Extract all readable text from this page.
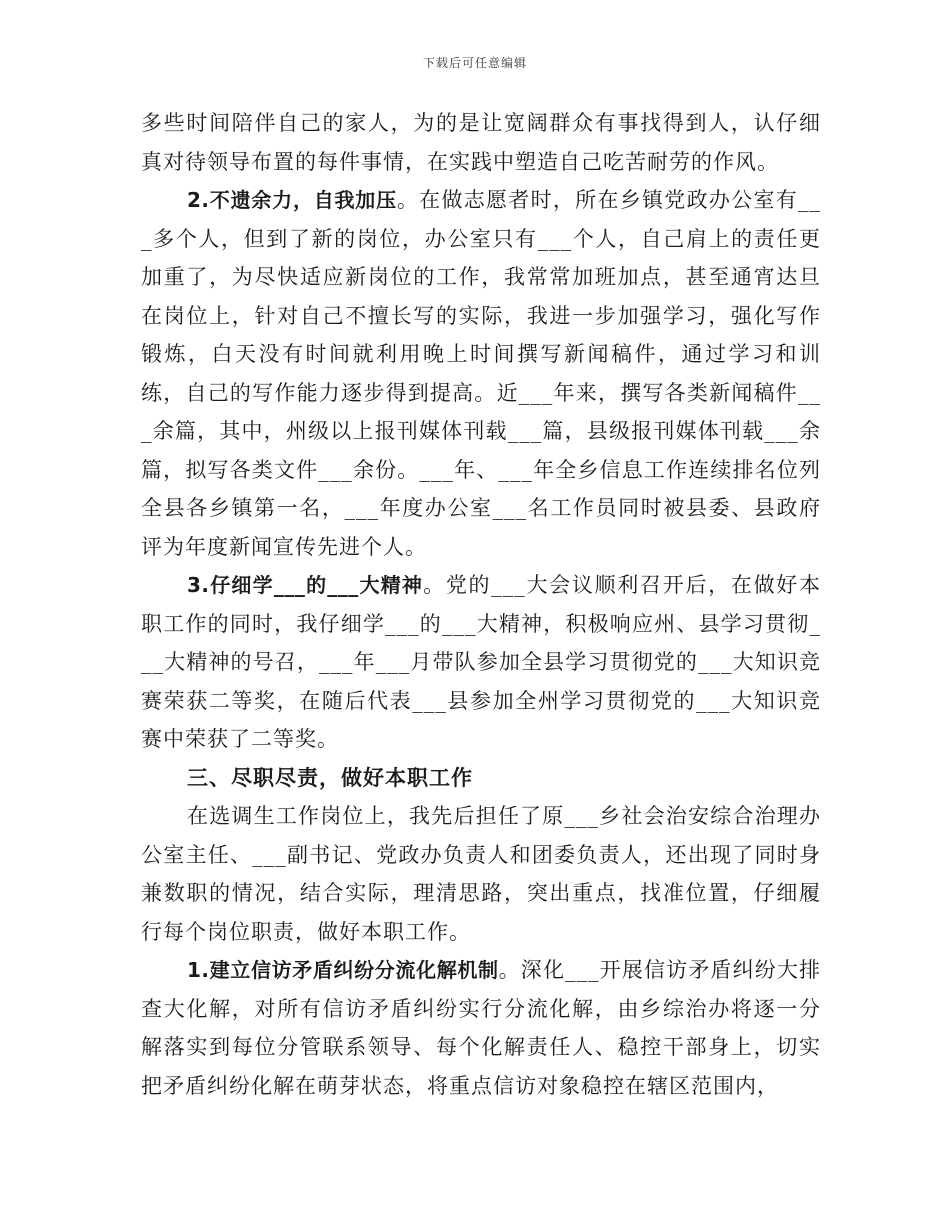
下载后可任意编辑

多些时间陪伴自己的家人，为的是让宽阔群众有事找得到人，认仔细真对待领导布置的每件事情，在实践中塑造自己吃苦耐劳的作风。

2.不遗余力，自我加压。在做志愿者时，所在乡镇党政办公室有___多个人，但到了新的岗位，办公室只有___个人，自己肩上的责任更加重了，为尽快适应新岗位的工作，我常常加班加点，甚至通宵达旦在岗位上，针对自己不擅长写的实际，我进一步加强学习，强化写作锻炼，白天没有时间就利用晚上时间撰写新闻稿件，通过学习和训练，自己的写作能力逐步得到提高。近___年来，撰写各类新闻稿件___余篇，其中，州级以上报刊媒体刊载___篇，县级报刊媒体刊载___余篇，拟写各类文件___余份。___年、___年全乡信息工作连续排名位列全县各乡镇第一名，___年度办公室___名工作员同时被县委、县政府评为年度新闻宣传先进个人。

3.仔细学___的___大精神。党的___大会议顺利召开后，在做好本职工作的同时，我仔细学___的___大精神，积极响应州、县学习贯彻___大精神的号召，___年___月带队参加全县学习贯彻党的___大知识竞赛荣获二等奖，在随后代表___县参加全州学习贯彻党的___大知识竞赛中荣获了二等奖。

三、尽职尽责，做好本职工作

在选调生工作岗位上，我先后担任了原___乡社会治安综合治理办公室主任、___副书记、党政办负责人和团委负责人，还出现了同时身兼数职的情况，结合实际，理清思路，突出重点，找准位置，仔细履行每个岗位职责，做好本职工作。

1.建立信访矛盾纠纷分流化解机制。深化___开展信访矛盾纠纷大排查大化解，对所有信访矛盾纠纷实行分流化解，由乡综治办将逐一分解落实到每位分管联系领导、每个化解责任人、稳控干部身上，切实把矛盾纠纷化解在萌芽状态，将重点信访对象稳控在辖区范围内，
